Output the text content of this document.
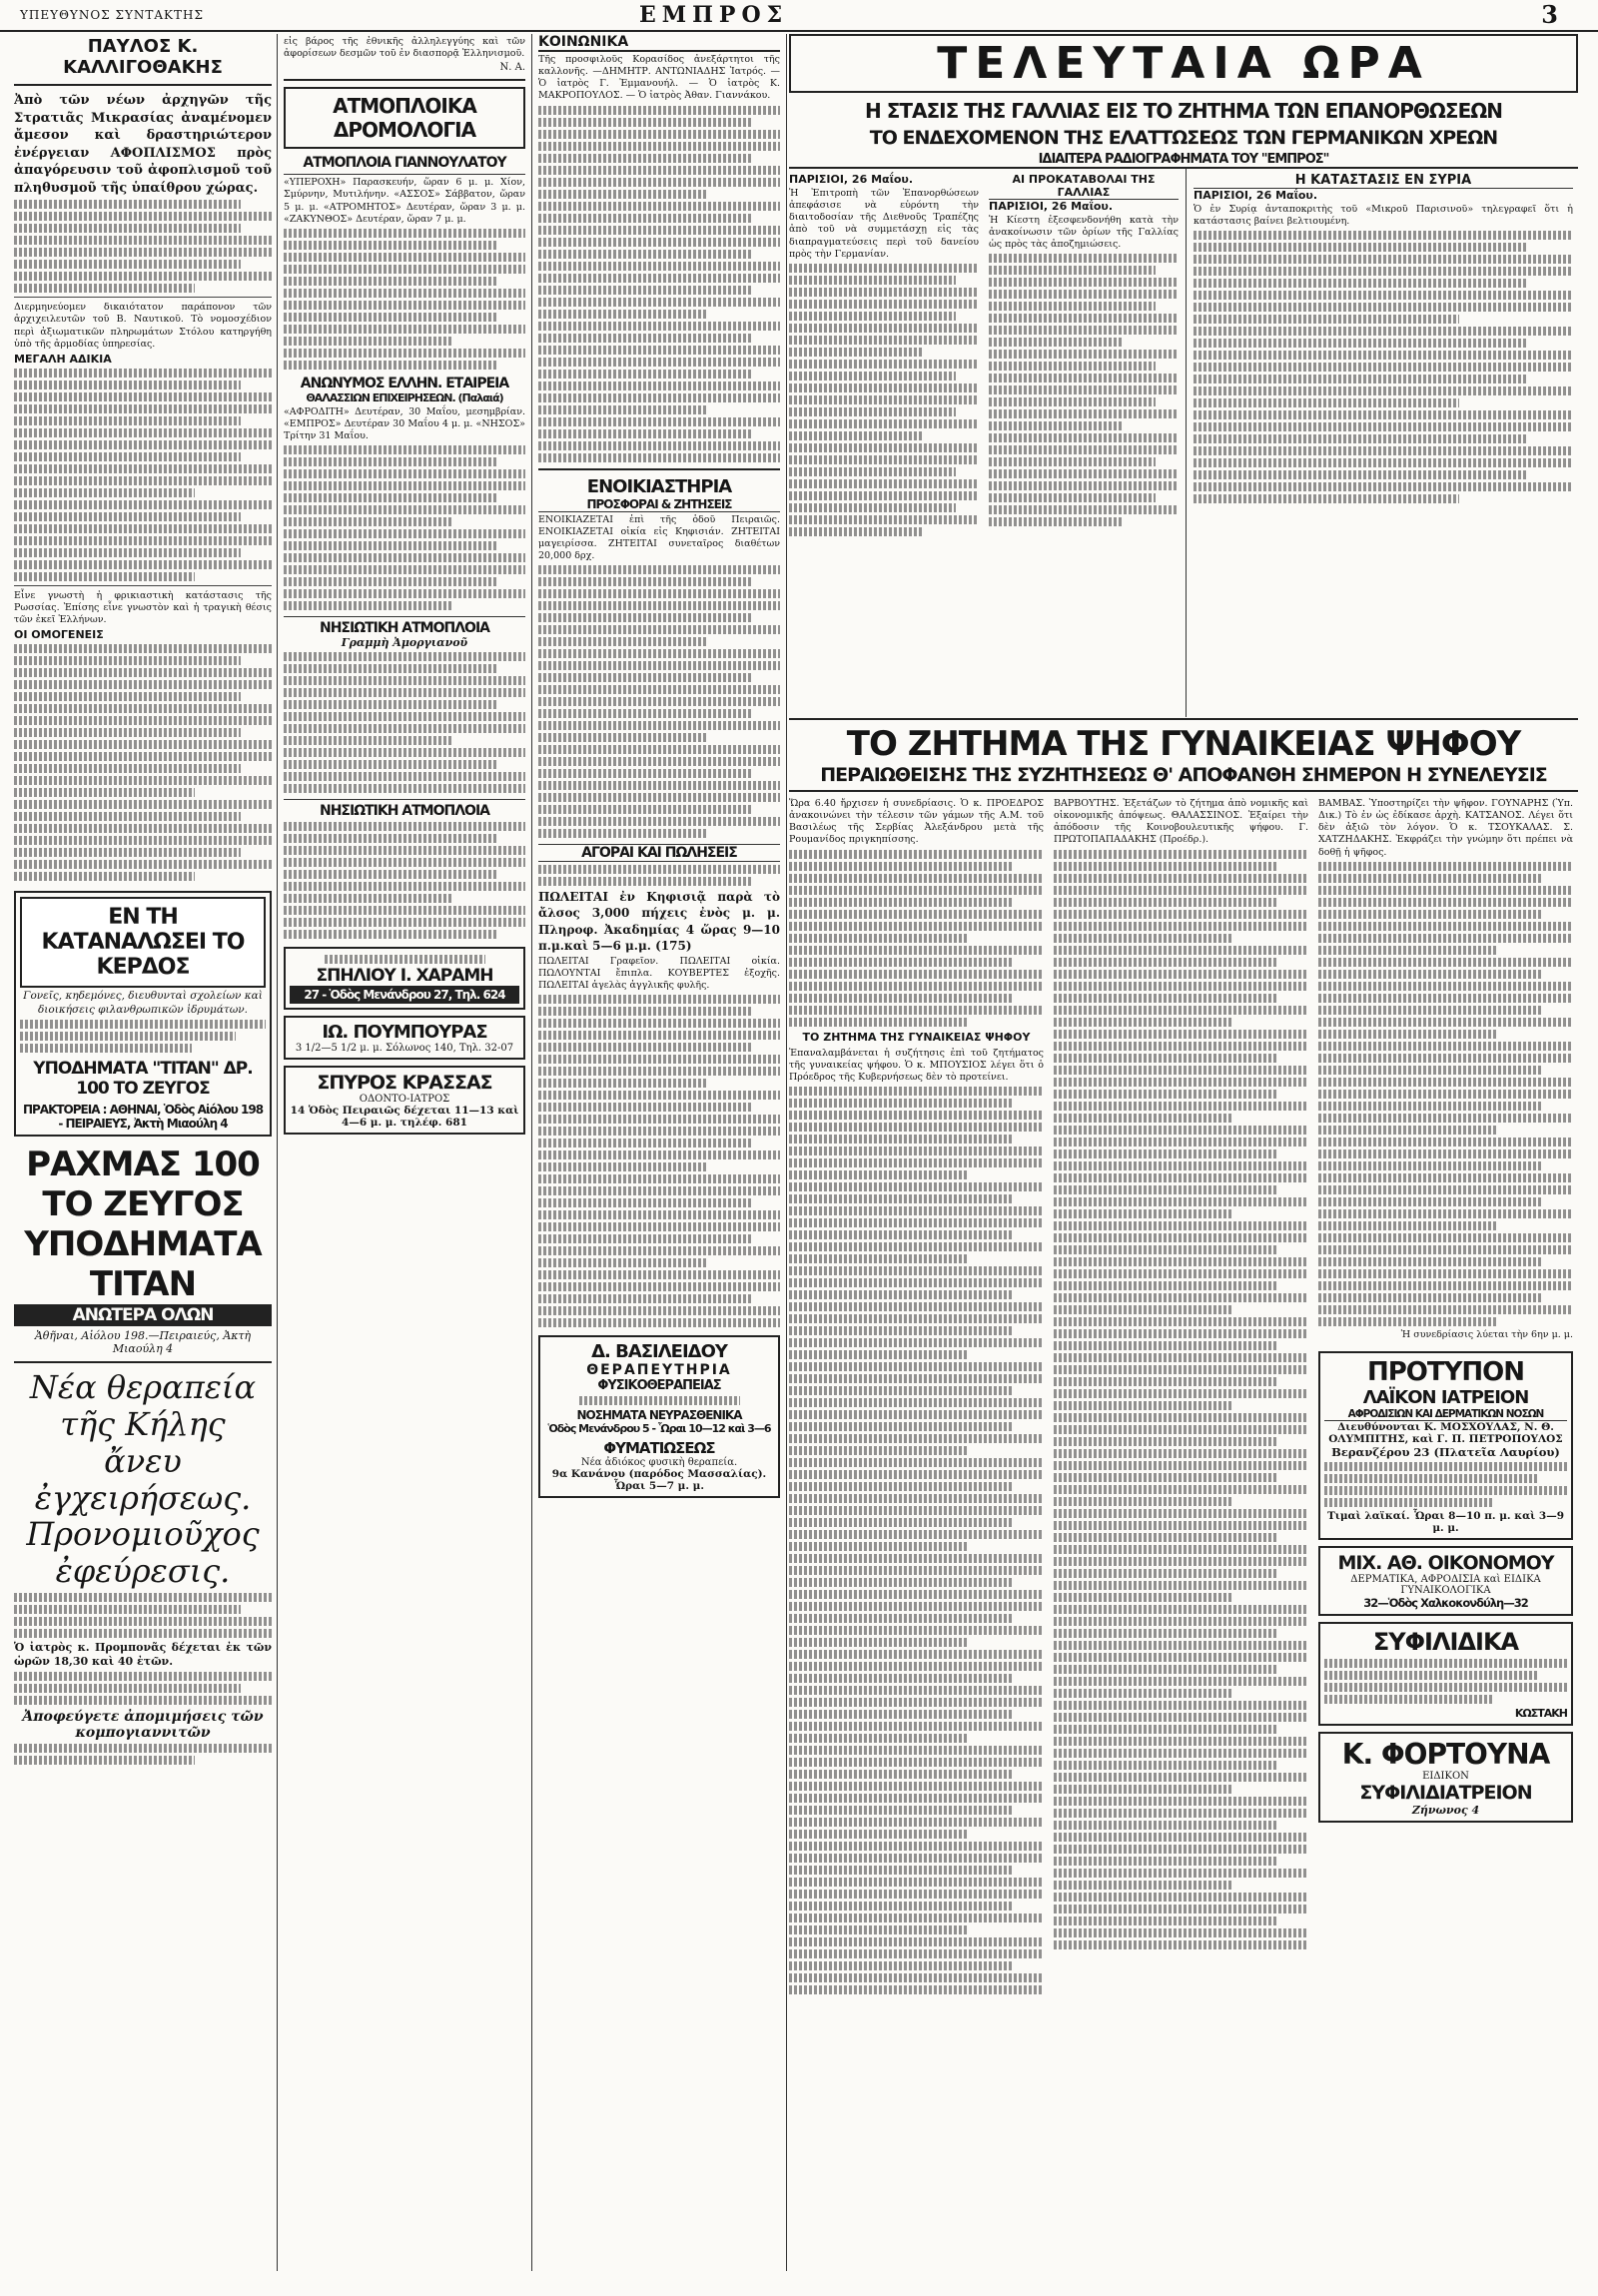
ΥΠΕΥΘΥΝΟΣ ΣΥΝΤΑΚΤΗΣ	ΕΜΠΡΟΣ	3
ΠΑΥΛΟΣ Κ. ΚΑΛΛΙΓΟΘΑΚΗΣ

Ἀπὸ τῶν νέων ἀρχηγῶν τῆς Στρατιᾶς Μικρασίας ἀναμένομεν ἄμεσον καὶ δραστηριώτερον ἐνέργειαν ΑΦΟΠΛΙΣΜΟΣ πρὸς ἀπαγόρευσιν τοῦ ἀφοπλισμοῦ τοῦ πληθυσμοῦ τῆς ὑπαίθρου χώρας.

Διερμηνεύομεν δικαιότατον παράπονον τῶν ἀρχιχειλευτῶν τοῦ Β. Ναυτικοῦ. Τὸ νομοσχέδιον περὶ ἀξιωματικῶν πληρωμάτων Στόλου κατηργήθη ὑπὸ τῆς ἀρμοδίας ὑπηρεσίας.

ΜΕΓΑΛΗ ΑΔΙΚΙΑ

Εἶνε γνωστὴ ἡ φρικιαστικὴ κατάστασις τῆς Ρωσσίας. Ἐπίσης εἶνε γνωστὸν καὶ ἡ τραγικὴ θέσις τῶν ἐκεῖ Ἑλλήνων.

ΟΙ ΟΜΟΓΕΝΕΙΣ
ΕΝ ΤΗ ΚΑΤΑΝΑΛΩΣΕΙ ΤΟ ΚΕΡΔΟΣ

Γονεῖς, κηδεμόνες, διευθυνταὶ σχολείων καὶ διοικήσεις φιλανθρωπικῶν ἱδρυμάτων.

ΥΠΟΔΗΜΑΤΑ "TITAN" ΔΡ. 100 ΤΟ ΖΕΥΓΟΣ
ΠΡΑΚΤΟΡΕΙΑ : ΑΘΗΝΑΙ, Ὁδὸς Αἰόλου 198 - ΠΕΙΡΑΙΕΥΣ, Ἀκτὴ Μιαούλη 4
ΡΑΧΜΑΣ 100 ΤΟ ΖΕΥΓΟΣ
ΥΠΟΔΗΜΑΤΑ TITAN
ΑΝΩΤΕΡΑ ΟΛΩΝ
Ἀθῆναι, Αἰόλου 198.—Πειραιεύς, Ἀκτὴ Μιαούλη 4
Νέα θεραπεία τῆς Κήλης
ἄνευ ἐγχειρήσεως.
Προνομιοῦχος ἐφεύρεσις.

Ὁ ἰατρὸς κ. Προμπονᾶς δέχεται ἐκ τῶν ὡρῶν 18,30 καὶ 40 ἐτῶν.

Ἀποφεύγετε ἀπομιμήσεις τῶν κομπογιαννιτῶν

εἰς βάρος τῆς ἐθνικῆς ἀλληλεγγύης καὶ τῶν ἀφορίσεων δεσμῶν τοῦ ἐν διασπορᾷ Ἑλληνισμοῦ.

Ν. Α.
ΑΤΜΟΠΛΟΙΚΑ ΔΡΟΜΟΛΟΓΙΑ
ΑΤΜΟΠΛΟΙΑ ΓΙΑΝΝΟΥΛΑΤΟΥ

«ΥΠΕΡΟΧΗ» Παρασκευήν, ὥραν 6 μ. μ. Χίον, Σμύρνην, Μυτιλήνην. «ΑΣΣΟΣ» Σάββατον, ὥραν 5 μ. μ. «ΑΤΡΟΜΗΤΟΣ» Δευτέραν, ὥραν 3 μ. μ. «ΖΑΚΥΝΘΟΣ» Δευτέραν, ὥραν 7 μ. μ.

ΑΝΩΝΥΜΟΣ ΕΛΛΗΝ. ΕΤΑΙΡΕΙΑ
ΘΑΛΑΣΣΙΩΝ ΕΠΙΧΕΙΡΗΣΕΩΝ. (Παλαιά)

«ΑΦΡΟΔΙΤΗ» Δευτέραν, 30 Μαΐου, μεσημβρίαν. «ΕΜΠΡΟΣ» Δευτέραν 30 Μαΐου 4 μ. μ. «ΝΗΣΟΣ» Τρίτην 31 Μαΐου.

ΝΗΣΙΩΤΙΚΗ ΑΤΜΟΠΛΟΙΑ
Γραμμὴ Ἀμοργιανοῦ
ΝΗΣΙΩΤΙΚΗ ΑΤΜΟΠΛΟΙΑ
ΣΠΗΛΙΟΥ Ι. ΧΑΡΑΜΗ
27 - Ὁδὸς Μενάνδρου 27, Τηλ. 624
ΙΩ. ΠΟΥΜΠΟΥΡΑΣ
3 1/2—5 1/2 μ. μ. Σόλωνος 140, Τηλ. 32-07
ΣΠΥΡΟΣ ΚΡΑΣΣΑΣ
ΟΔΟΝΤΟ-ΙΑΤΡΟΣ
14 Ὁδὸς Πειραιῶς δέχεται 11—13 καὶ 4—6 μ. μ. τηλέφ. 681
ΚΟΙΝΩΝΙΚΑ

Τῆς προσφιλοῦς Κορασίδος ἀνεξάρτητοι τῆς καλλονῆς. —ΔΗΜΗΤΡ. ΑΝΤΩΝΙΑΔΗΣ Ἰατρός. — Ὁ ἰατρὸς Γ. Ἐμμανουήλ. — Ὁ ἰατρὸς Κ. ΜΑΚΡΟΠΟΥΛΟΣ. — Ὁ ἰατρὸς Ἀθαν. Γιαννάκου.

ΕΝΟΙΚΙΑΣΤΗΡΙΑ
ΠΡΟΣΦΟΡΑΙ & ΖΗΤΗΣΕΙΣ

ΕΝΟΙΚΙΑΖΕΤΑΙ ἐπὶ τῆς ὁδοῦ Πειραιῶς. ΕΝΟΙΚΙΑΖΕΤΑΙ οἰκία εἰς Κηφισιάν. ΖΗΤΕΙΤΑΙ μαγειρίσσα. ΖΗΤΕΙΤΑΙ συνεταῖρος διαθέτων 20,000 δρχ.

ΑΓΟΡΑΙ ΚΑΙ ΠΩΛΗΣΕΙΣ

ΠΩΛΕΙΤΑΙ ἐν Κηφισιᾷ παρὰ τὸ ἄλσος 3,000 πήχεις ἐνὸς μ. μ. Πληροφ. Ἀκαδημίας 4 ὥρας 9—10 π.μ.καὶ 5—6 μ.μ. (175)

ΠΩΛΕΙΤΑΙ Γραφεῖον. ΠΩΛΕΙΤΑΙ οἰκία. ΠΩΛΟΥΝΤΑΙ ἔπιπλα. ΚΟΥΒΕΡΤΕΣ ἐξοχῆς. ΠΩΛΕΙΤΑΙ ἀγελὰς ἀγγλικῆς φυλῆς.

Δ. ΒΑΣΙΛΕΙΔΟΥ
ΘΕΡΑΠΕΥΤΗΡΙΑ
ΦΥΣΙΚΟΘΕΡΑΠΕΙΑΣ
ΝΟΣΗΜΑΤΑ ΝΕΥΡΑΣΘΕΝΙΚΑ
Ὁδὸς Μενάνδρου 5 - Ὧραι 10—12 καὶ 3—6
ΦΥΜΑΤΙΩΣΕΩΣ
Νέα ἀδιόκος φυσικὴ θεραπεία.
9α Κανάνου (παρόδος Μασσαλίας). Ὧραι 5—7 μ. μ.
ΤΕΛΕΥΤΑΙΑ ΩΡΑ
Η ΣΤΑΣΙΣ ΤΗΣ ΓΑΛΛΙΑΣ ΕΙΣ ΤΟ ΖΗΤΗΜΑ ΤΩΝ ΕΠΑΝΟΡΘΩΣΕΩΝ
ΤΟ ΕΝΔΕΧΟΜΕΝΟΝ ΤΗΣ ΕΛΑΤΤΩΣΕΩΣ ΤΩΝ ΓΕΡΜΑΝΙΚΩΝ ΧΡΕΩΝ
ΙΔΙΑΙΤΕΡΑ ΡΑΔΙΟΓΡΑΦΗΜΑΤΑ ΤΟΥ "ΕΜΠΡΟΣ"
ΠΑΡΙΣΙΟΙ, 26 Μαΐου.

Ἡ Ἐπιτροπὴ τῶν Ἐπανορθώσεων ἀπεφάσισε νὰ εὑρόντη τὴν διαιτοδοσίαν τῆς Διεθνοῦς Τραπέζης ἀπὸ τοῦ νὰ συμμετάσχῃ εἰς τὰς διαπραγματεύσεις περὶ τοῦ δανείου πρὸς τὴν Γερμανίαν.

ΑΙ ΠΡΟΚΑΤΑΒΟΛΑΙ ΤΗΣ ΓΑΛΛΙΑΣ
ΠΑΡΙΣΙΟΙ, 26 Μαΐου.

Ἡ Κίεστη ἐξεσφενδονήθη κατὰ τὴν ἀνακοίνωσιν τῶν ὀρίων τῆς Γαλλίας ὡς πρὸς τὰς ἀποζημιώσεις.

Η ΚΑΤΑΣΤΑΣΙΣ ΕΝ ΣΥΡΙΑ
ΠΑΡΙΣΙΟΙ, 26 Μαΐου.

Ὁ ἐν Συρίᾳ ἀνταποκριτὴς τοῦ «Μικροῦ Παρισινοῦ» τηλεγραφεῖ ὅτι ἡ κατάστασις βαίνει βελτιουμένη.

ΤΟ ΖΗΤΗΜΑ ΤΗΣ ΓΥΝΑΙΚΕΙΑΣ ΨΗΦΟΥ
ΠΕΡΑΙΩΘΕΙΣΗΣ ΤΗΣ ΣΥΖΗΤΗΣΕΩΣ Θ' ΑΠΟΦΑΝΘΗ ΣΗΜΕΡΟΝ Η ΣΥΝΕΛΕΥΣΙΣ

Ὥρα 6.40 ἤρχισεν ἡ συνεδρίασις. Ὁ κ. ΠΡΟΕΔΡΟΣ ἀνακοινώνει τὴν τέλεσιν τῶν γάμων τῆς Α.Μ. τοῦ Βασιλέως τῆς Σερβίας Ἀλεξάνδρου μετὰ τῆς Ρουμανίδος πριγκηπίσσης.

ΤΟ ΖΗΤΗΜΑ ΤΗΣ ΓΥΝΑΙΚΕΙΑΣ ΨΗΦΟΥ

Ἐπαναλαμβάνεται ἡ συζήτησις ἐπὶ τοῦ ζητήματος τῆς γυναικείας ψήφου. Ὁ κ. ΜΠΟΥΣΙΟΣ λέγει ὅτι ὁ Πρόεδρος τῆς Κυβερνήσεως δὲν τὸ προτείνει.

ΒΑΡΒΟΥΤΗΣ. Ἐξετάζων τὸ ζήτημα ἀπὸ νομικῆς καὶ οἰκονομικῆς ἀπόψεως. ΘΑΛΑΣΣΙΝΟΣ. Ἐξαίρει τὴν ἀπόδοσιν τῆς Κοινοβουλευτικῆς ψήφου. Γ. ΠΡΩΤΟΠΑΠΑΔΑΚΗΣ (Προέδρ.).

ΒΑΜΒΑΣ. Ὑποστηρίζει τὴν ψῆφον. ΓΟΥΝΑΡΗΣ (Ὑπ. Δικ.) Τὸ ἐν ὡς ἐδίκασε ἀρχὴ. ΚΑΤΣΑΝΟΣ. Λέγει ὅτι δὲν ἀξιῶ τὸν λόγον. Ὁ κ. ΤΣΟΥΚΑΛΑΣ. Σ. ΧΑΤΖΗΔΑΚΗΣ. Ἐκφράζει τὴν γνώμην ὅτι πρέπει νὰ δοθῇ ἡ ψῆφος.

Ἡ συνεδρίασις λύεται τὴν 6ην μ. μ.

ΠΡΟΤΥΠΟΝ
ΛΑΪΚΟΝ ΙΑΤΡΕΙΟΝ
ΑΦΡΟΔΙΣΙΩΝ ΚΑΙ ΔΕΡΜΑΤΙΚΩΝ ΝΟΣΩΝ
Διευθύνονται Κ. ΜΟΣΧΟΥΛΑΣ, Ν. Θ. ΟΛΥΜΠΙΤΗΣ, καὶ Γ. Π. ΠΕΤΡΟΠΟΥΛΟΣ
Βερανζέρου 23 (Πλατεῖα Λαυρίου)
Τιμαὶ λαϊκαί. Ὧραι 8—10 π. μ. καὶ 3—9 μ. μ.
ΜΙΧ. ΑΘ. ΟΙΚΟΝΟΜΟΥ
ΔΕΡΜΑΤΙΚΑ, ΑΦΡΟΔΙΣΙΑ καὶ ΕΙΔΙΚΑ ΓΥΝΑΙΚΟΛΟΓΙΚΑ
32—Ὁδὸς Χαλκοκονδύλη—32
ΣΥΦΙΛΙΔΙΚΑ
ΚΩΣΤΑΚΗ
Κ. ΦΟΡΤΟΥΝΑ
ΕΙΔΙΚΟΝ
ΣΥΦΙΛΙΔΙΑΤΡΕΙΟΝ
Ζήνωνος 4
